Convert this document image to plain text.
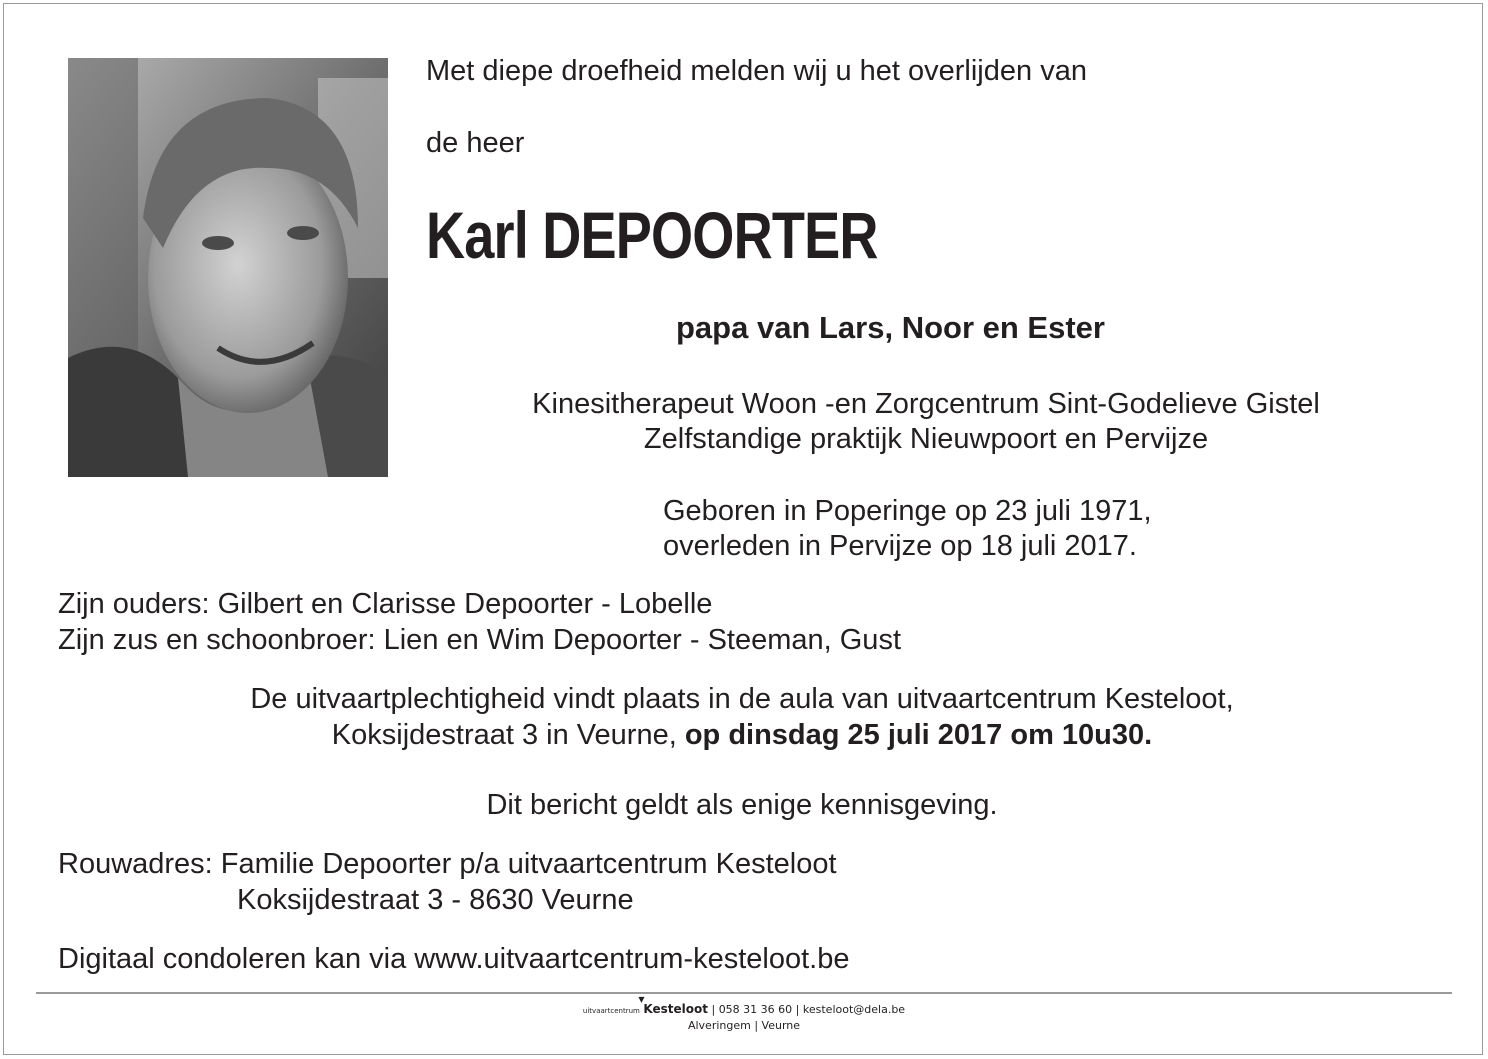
Met diepe droefheid melden wij u het overlijden van
de heer
Karl DEPOORTER
papa van Lars, Noor en Ester
Kinesitherapeut Woon -en Zorgcentrum Sint-Godelieve Gistel
Zelfstandige praktijk Nieuwpoort en Pervijze
Geboren in Poperinge op 23 juli 1971,
overleden in Pervijze op 18 juli 2017.
Zijn ouders: Gilbert en Clarisse Depoorter - Lobelle
Zijn zus en schoonbroer: Lien en Wim Depoorter - Steeman, Gust
De uitvaartplechtigheid vindt plaats in de aula van uitvaartcentrum Kesteloot,
Koksijdestraat 3 in Veurne, op dinsdag 25 juli 2017 om 10u30.
Dit bericht geldt als enige kennisgeving.
Rouwadres: Familie Depoorter p/a uitvaartcentrum Kesteloot
Koksijdestraat 3 - 8630 Veurne
Digitaal condoleren kan via www.uitvaartcentrum-kesteloot.be
uitvaartcentrum
▼
Kesteloot | 058 31 36 60 | kesteloot@dela.be
Alveringem | Veurne
